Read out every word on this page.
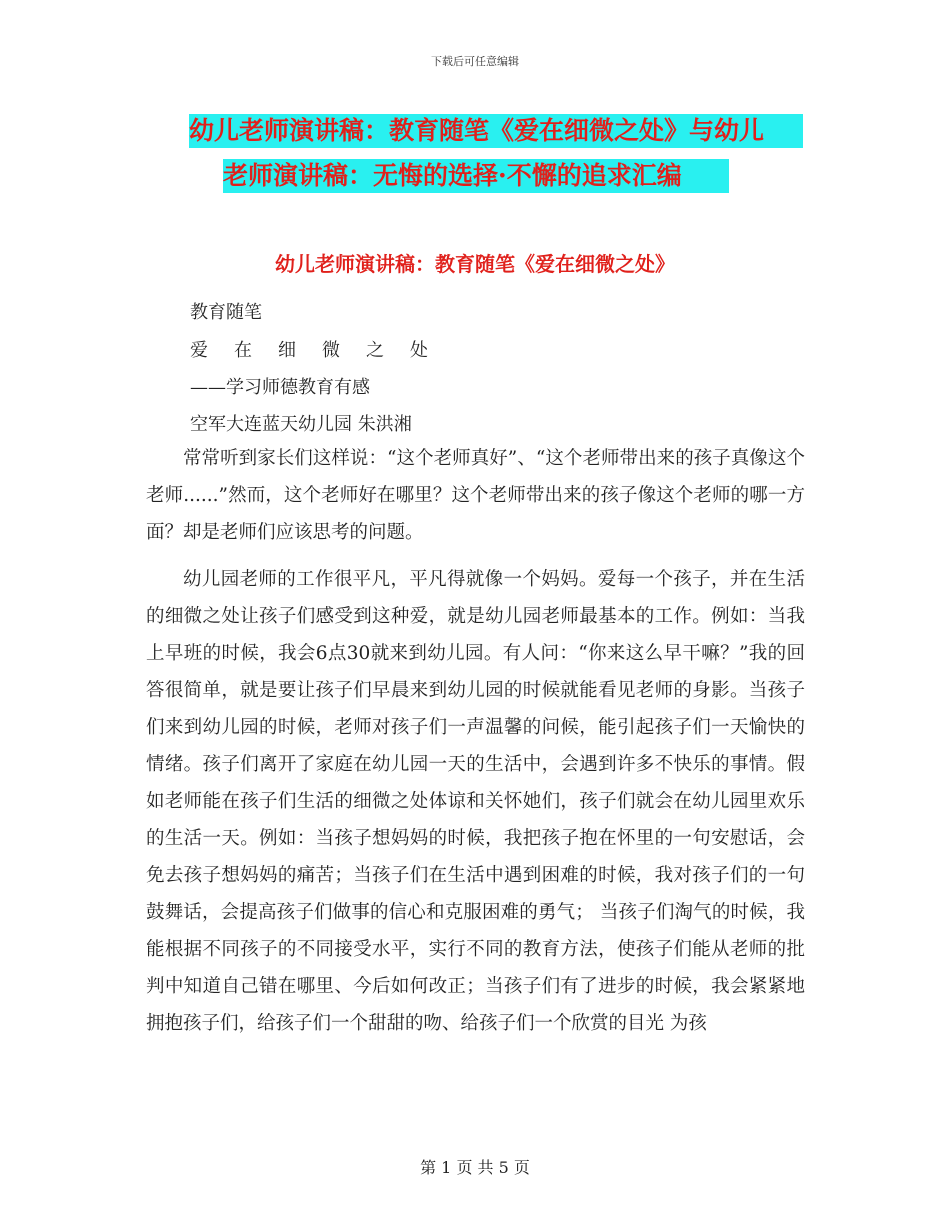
下载后可任意编辑
幼儿老师演讲稿：教育随笔《爱在细微之处》与幼儿
老师演讲稿：无悔的选择·不懈的追求汇编
幼儿老师演讲稿：教育随笔《爱在细微之处》
教育随笔
爱在细微之处
——学习师德教育有感
空军大连蓝天幼儿园 朱洪湘

常常听到家长们这样说：“这个老师真好”、“这个老师带出来的孩子真像这个老师......”然而，这个老师好在哪里？这个老师带出来的孩子像这个老师的哪一方面？却是老师们应该思考的问题。

幼儿园老师的工作很平凡，平凡得就像一个妈妈。爱每一个孩子，并在生活的细微之处让孩子们感受到这种爱，就是幼儿园老师最基本的工作。例如：当我上早班的时候，我会6点30就来到幼儿园。有人问：“你来这么早干嘛？”我的回答很简单，就是要让孩子们早晨来到幼儿园的时候就能看见老师的身影。当孩子们来到幼儿园的时候，老师对孩子们一声温馨的问候，能引起孩子们一天愉快的情绪。孩子们离开了家庭在幼儿园一天的生活中，会遇到许多不快乐的事情。假如老师能在孩子们生活的细微之处体谅和关怀她们，孩子们就会在幼儿园里欢乐的生活一天。例如：当孩子想妈妈的时候，我把孩子抱在怀里的一句安慰话，会免去孩子想妈妈的痛苦；当孩子们在生活中遇到困难的时候，我对孩子们的一句鼓舞话，会提高孩子们做事的信心和克服困难的勇气； 当孩子们淘气的时候，我能根据不同孩子的不同接受水平，实行不同的教育方法，使孩子们能从老师的批判中知道自己错在哪里、今后如何改正；当孩子们有了进步的时候，我会紧紧地拥抱孩子们，给孩子们一个甜甜的吻、给孩子们一个欣赏的目光 为孩

第 1 页 共 5 页
